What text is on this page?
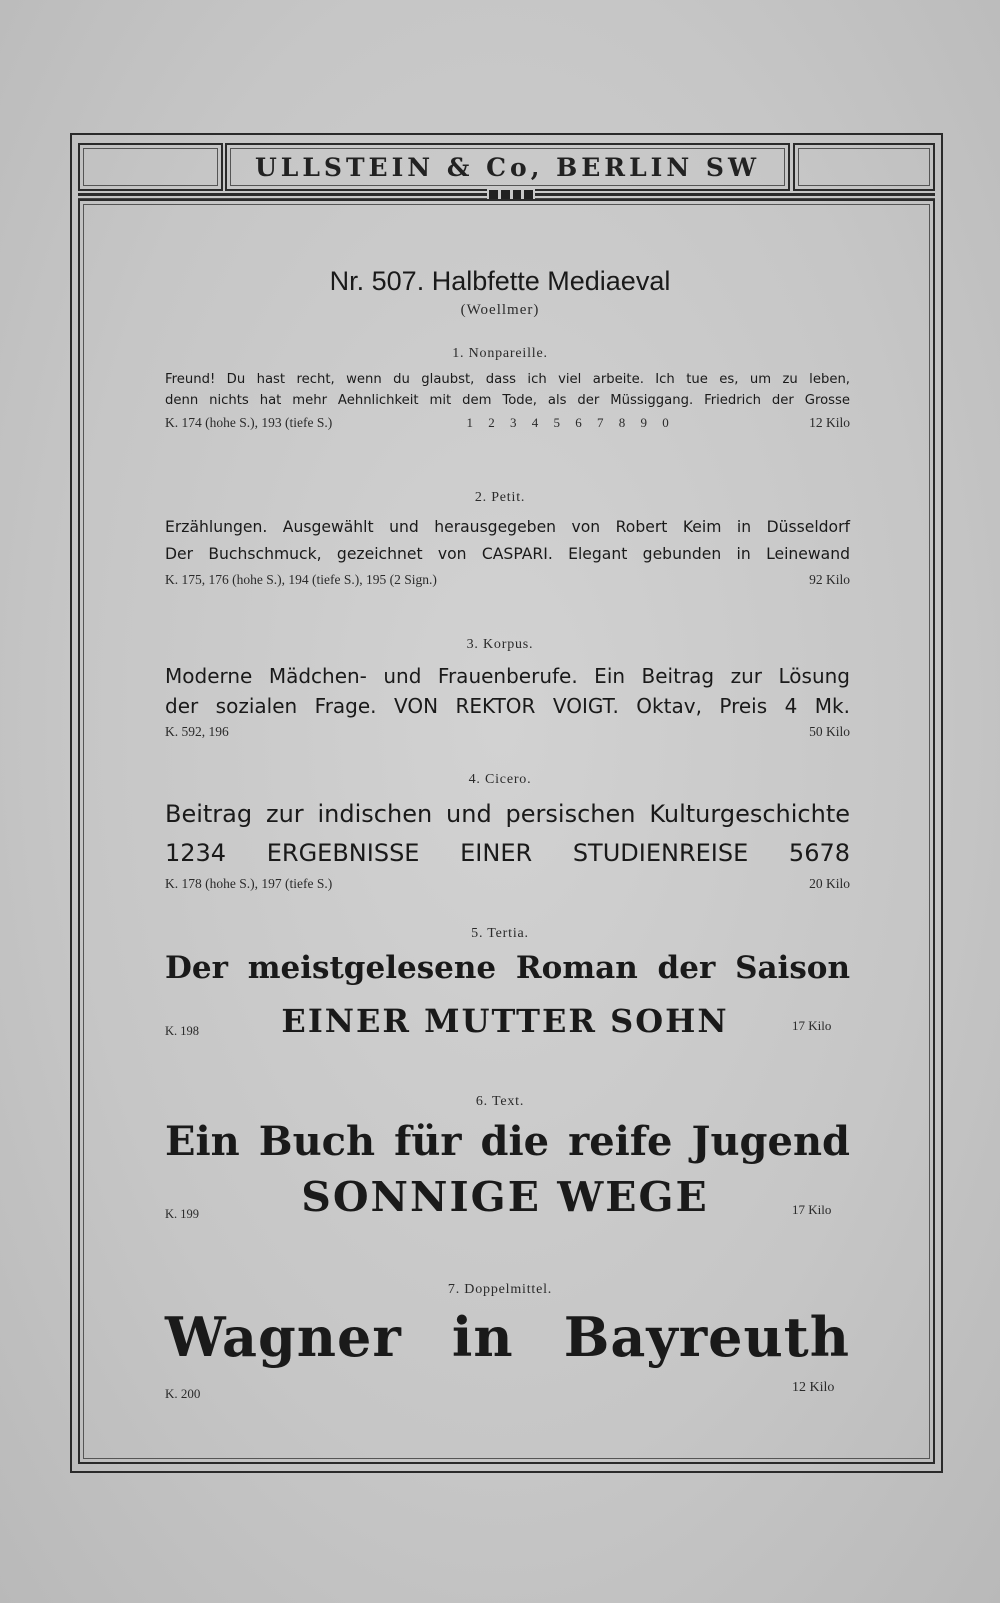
ULLSTEIN & Co, BERLIN SW
Nr. 507. Halbfette Mediaeval
(Woellmer)
1. Nonpareille.
Freund! Du hast recht, wenn du glaubst, dass ich viel arbeite. Ich tue es, um zu leben,
denn nichts hat mehr Aehnlichkeit mit dem Tode, als der Müssiggang. Friedrich der Grosse
K. 174 (hohe S.), 193 (tiefe S.)	1 2 3 4 5 6 7 8 9 0	12 Kilo
2. Petit.
Erzählungen. Ausgewählt und herausgegeben von Robert Keim in Düsseldorf
Der Buchschmuck, gezeichnet von CASPARI. Elegant gebunden in Leinewand
K. 175, 176 (hohe S.), 194 (tiefe S.), 195 (2 Sign.)	92 Kilo
3. Korpus.
Moderne Mädchen- und Frauenberufe. Ein Beitrag zur Lösung
der sozialen Frage. VON REKTOR VOIGT. Oktav, Preis 4 Mk.
K. 592, 196	50 Kilo
4. Cicero.
Beitrag zur indischen und persischen Kulturgeschichte
1234 ERGEBNISSE EINER STUDIENREISE 5678
K. 178 (hohe S.), 197 (tiefe S.)	20 Kilo
5. Tertia.
Der meistgelesene Roman der Saison
K. 198	EINER MUTTER SOHN	17 Kilo
6. Text.
Ein Buch für die reife Jugend
K. 199	SONNIGE WEGE	17 Kilo
7. Doppelmittel.
Wagner in Bayreuth
K. 200	12 Kilo
